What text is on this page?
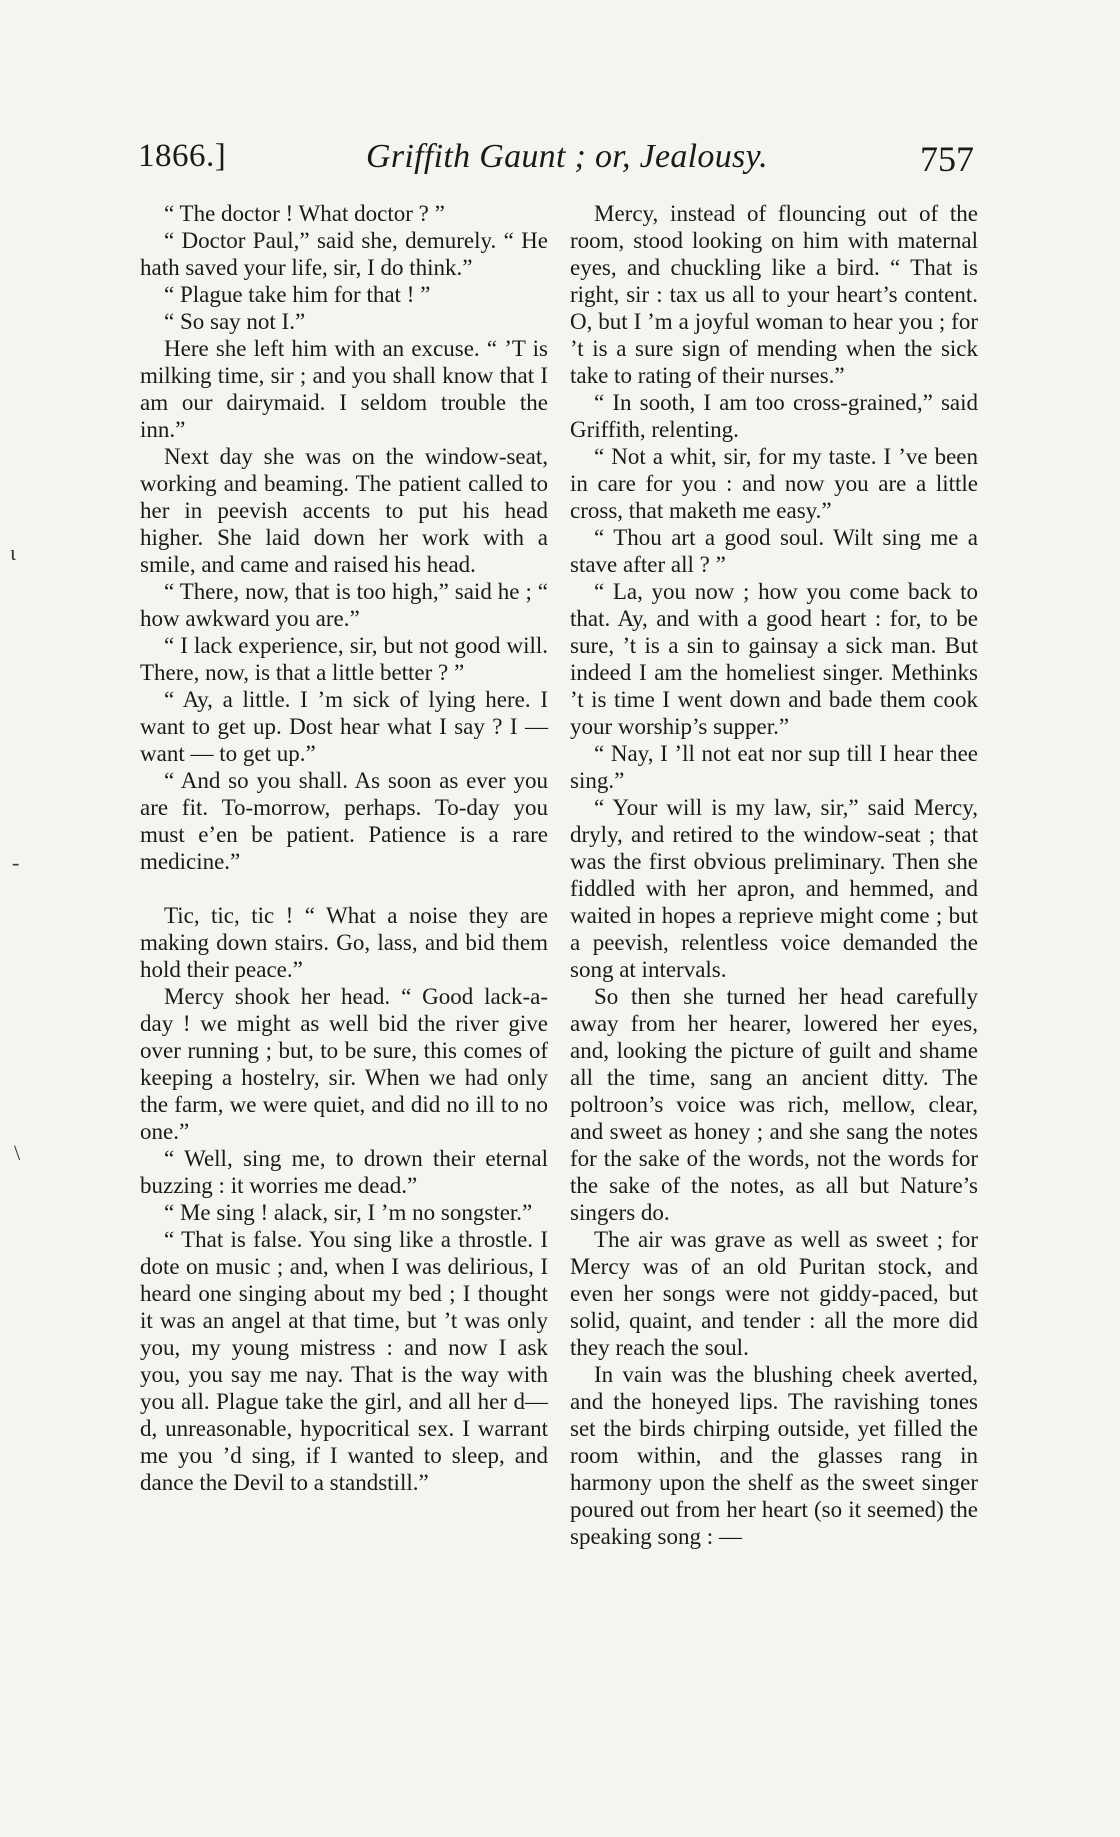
1866.]	Griffith Gaunt ; or, Jealousy.	757
ɩ
-
\

“ The doctor ! What doctor ? ”

“ Doctor Paul,” said she, demurely. “ He hath saved your life, sir, I do think.”

“ Plague take him for that ! ”

“ So say not I.”

Here she left him with an excuse. “ ’T is milking time, sir ; and you shall know that I am our dairymaid. I seldom trouble the inn.”

Next day she was on the window-seat, working and beaming. The patient called to her in peevish accents to put his head higher. She laid down her work with a smile, and came and raised his head.

“ There, now, that is too high,” said he ; “ how awkward you are.”

“ I lack experience, sir, but not good will. There, now, is that a little better ? ”

“ Ay, a little. I ’m sick of lying here. I want to get up. Dost hear what I say ? I — want — to get up.”

“ And so you shall. As soon as ever you are fit. To-morrow, perhaps. To-day you must e’en be patient. Patience is a rare medicine.”

Tic, tic, tic ! “ What a noise they are making down stairs. Go, lass, and bid them hold their peace.”

Mercy shook her head. “ Good lack-a-day ! we might as well bid the river give over running ; but, to be sure, this comes of keeping a hostelry, sir. When we had only the farm, we were quiet, and did no ill to no one.”

“ Well, sing me, to drown their eternal buzzing : it worries me dead.”

“ Me sing ! alack, sir, I ’m no songster.”

“ That is false. You sing like a throstle. I dote on music ; and, when I was delirious, I heard one singing about my bed ; I thought it was an angel at that time, but ’t was only you, my young mistress : and now I ask you, you say me nay. That is the way with you all. Plague take the girl, and all her d—d, unreasonable, hypocritical sex. I warrant me you ’d sing, if I wanted to sleep, and dance the Devil to a standstill.”

Mercy, instead of flouncing out of the room, stood looking on him with maternal eyes, and chuckling like a bird. “ That is right, sir : tax us all to your heart’s content. O, but I ’m a joyful woman to hear you ; for ’t is a sure sign of mending when the sick take to rating of their nurses.”

“ In sooth, I am too cross-grained,” said Griffith, relenting.

“ Not a whit, sir, for my taste. I ’ve been in care for you : and now you are a little cross, that maketh me easy.”

“ Thou art a good soul. Wilt sing me a stave after all ? ”

“ La, you now ; how you come back to that. Ay, and with a good heart : for, to be sure, ’t is a sin to gainsay a sick man. But indeed I am the homeliest singer. Methinks ’t is time I went down and bade them cook your worship’s supper.”

“ Nay, I ’ll not eat nor sup till I hear thee sing.”

“ Your will is my law, sir,” said Mercy, dryly, and retired to the window-seat ; that was the first obvious preliminary. Then she fiddled with her apron, and hemmed, and waited in hopes a reprieve might come ; but a peevish, relentless voice demanded the song at intervals.

So then she turned her head carefully away from her hearer, lowered her eyes, and, looking the picture of guilt and shame all the time, sang an ancient ditty. The poltroon’s voice was rich, mellow, clear, and sweet as honey ; and she sang the notes for the sake of the words, not the words for the sake of the notes, as all but Nature’s singers do.

The air was grave as well as sweet ; for Mercy was of an old Puritan stock, and even her songs were not giddy-paced, but solid, quaint, and tender : all the more did they reach the soul.

In vain was the blushing cheek averted, and the honeyed lips. The ravishing tones set the birds chirping outside, yet filled the room within, and the glasses rang in harmony upon the shelf as the sweet singer poured out from her heart (so it seemed) the speaking song : —
